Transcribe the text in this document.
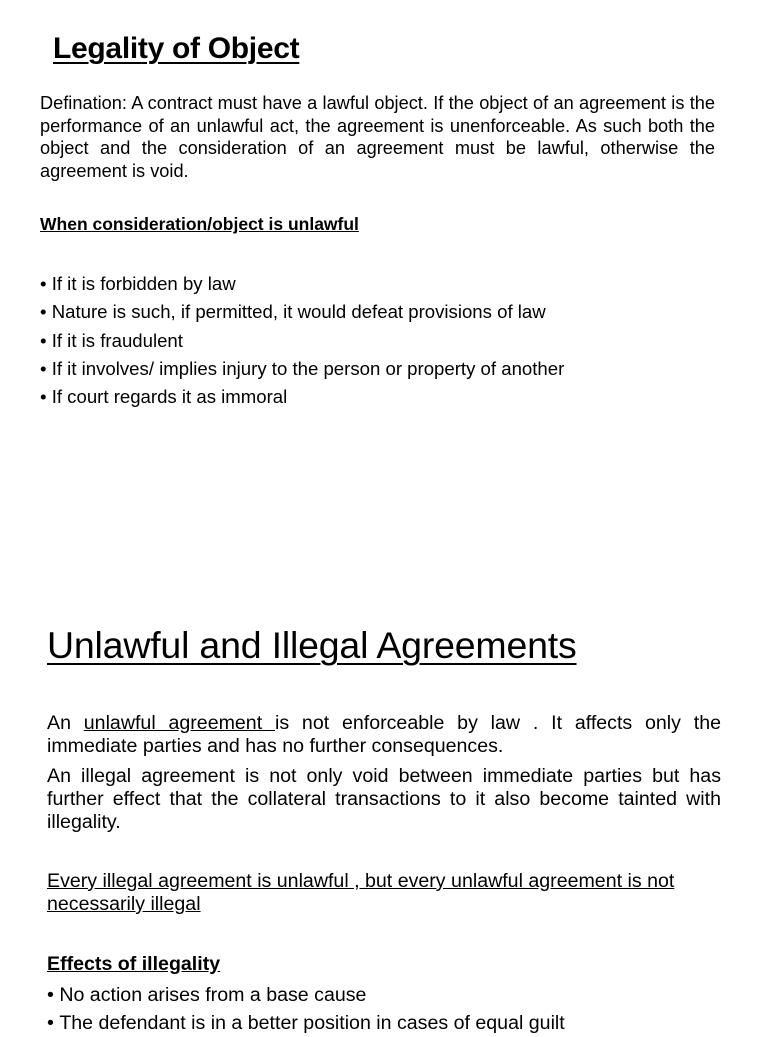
Legality of Object

Defination: A contract must have a lawful object. If the object of an agreement is the performance of an unlawful act, the agreement is unenforceable. As such both the object and the consideration of an agreement must be lawful, otherwise the agreement is void.

When consideration/object is unlawful
• If it is forbidden by law
• Nature is such, if permitted, it would defeat provisions of law
• If it is fraudulent
• If it involves/ implies injury to the person or property of another
• If court regards it as immoral
Unlawful and Illegal Agreements

An unlawful agreement is not enforceable by law . It affects only the immediate parties and has no further consequences.

An illegal agreement is not only void between immediate parties but has further effect that the collateral transactions to it also become tainted with illegality.

Every illegal agreement is unlawful , but every unlawful agreement is not necessarily illegal

Effects of illegality
• No action arises from a base cause
• The defendant is in a better position in cases of equal guilt
